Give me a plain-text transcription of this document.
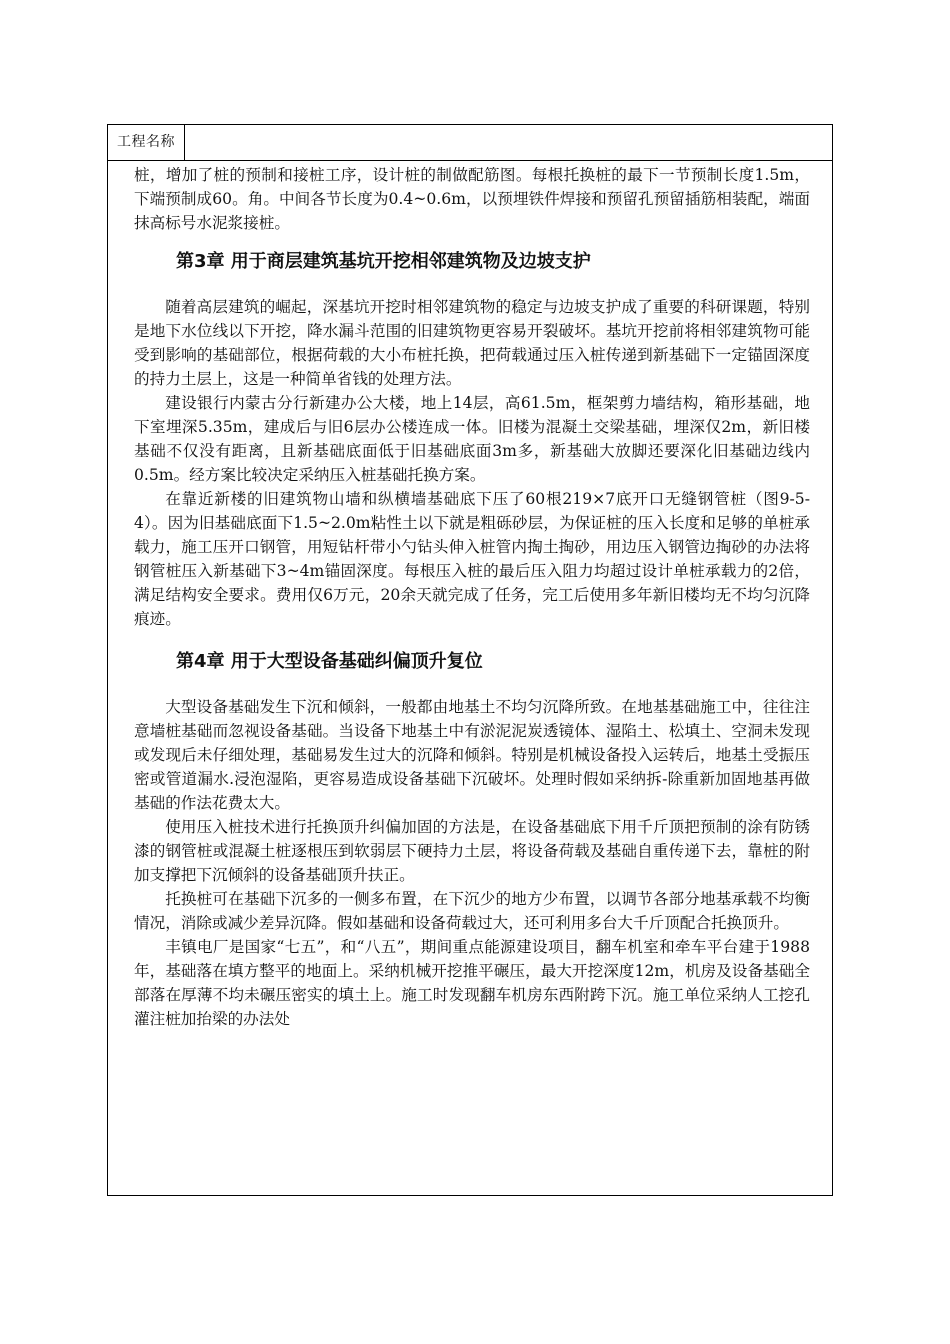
工程名称

桩，增加了桩的预制和接桩工序，设计桩的制做配筋图。每根托换桩的最下一节预制长度1.5m，下端预制成60。角。中间各节长度为0.4~0.6m，以预埋铁件焊接和预留孔预留插筋相装配，端面抹高标号水泥浆接桩。

第3章 用于商层建筑基坑开挖相邻建筑物及边坡支护

随着高层建筑的崛起，深基坑开挖时相邻建筑物的稳定与边坡支护成了重要的科研课题，特别是地下水位线以下开挖，降水漏斗范围的旧建筑物更容易开裂破坏。基坑开挖前将相邻建筑物可能受到影响的基础部位，根据荷载的大小布桩托换，把荷载通过压入桩传递到新基础下一定锚固深度的持力土层上，这是一种简单省钱的处理方法。

建设银行内蒙古分行新建办公大楼，地上14层，高61.5m，框架剪力墙结构，箱形基础，地下室埋深5.35m，建成后与旧6层办公楼连成一体。旧楼为混凝土交梁基础，埋深仅2m，新旧楼基础不仅没有距离，且新基础底面低于旧基础底面3m多，新基础大放脚还要深化旧基础边线内0.5m。经方案比较决定采纳压入桩基础托换方案。

在靠近新楼的旧建筑物山墙和纵横墙基础底下压了60根219×7底开口无缝钢管桩（图9-5-4）。因为旧基础底面下1.5~2.0m粘性土以下就是粗砾砂层，为保证桩的压入长度和足够的单桩承载力，施工压开口钢管，用短钻杆带小勺钻头伸入桩管内掏土掏砂，用边压入钢管边掏砂的办法将钢管桩压入新基础下3~4m锚固深度。每根压入桩的最后压入阻力均超过设计单桩承载力的2倍，满足结构安全要求。费用仅6万元，20余天就完成了任务，完工后使用多年新旧楼均无不均匀沉降痕迹。

第4章 用于大型设备基础纠偏顶升复位

大型设备基础发生下沉和倾斜，一般都由地基土不均匀沉降所致。在地基基础施工中，往往注意墙桩基础而忽视设备基础。当设备下地基土中有淤泥泥炭透镜体、湿陷土、松填土、空洞未发现或发现后未仔细处理，基础易发生过大的沉降和倾斜。特别是机械设备投入运转后，地基土受振压密或管道漏水.浸泡湿陷，更容易造成设备基础下沉破坏。处理时假如采纳拆-除重新加固地基再做基础的作法花费太大。

使用压入桩技术进行托换顶升纠偏加固的方法是，在设备基础底下用千斤顶把预制的涂有防锈漆的钢管桩或混凝土桩逐根压到软弱层下硬持力土层，将设备荷载及基础自重传递下去，靠桩的附加支撑把下沉倾斜的设备基础顶升扶正。

托换桩可在基础下沉多的一侧多布置，在下沉少的地方少布置，以调节各部分地基承载不均衡情况，消除或减少差异沉降。假如基础和设备荷载过大，还可利用多台大千斤顶配合托换顶升。

丰镇电厂是国家“七五”，和“八五”，期间重点能源建设项目，翻车机室和牵车平台建于1988年，基础落在填方整平的地面上。采纳机械开挖推平碾压，最大开挖深度12m，机房及设备基础全部落在厚薄不均未碾压密实的填土上。施工时发现翻车机房东西附跨下沉。施工单位采纳人工挖孔灌注桩加抬梁的办法处
